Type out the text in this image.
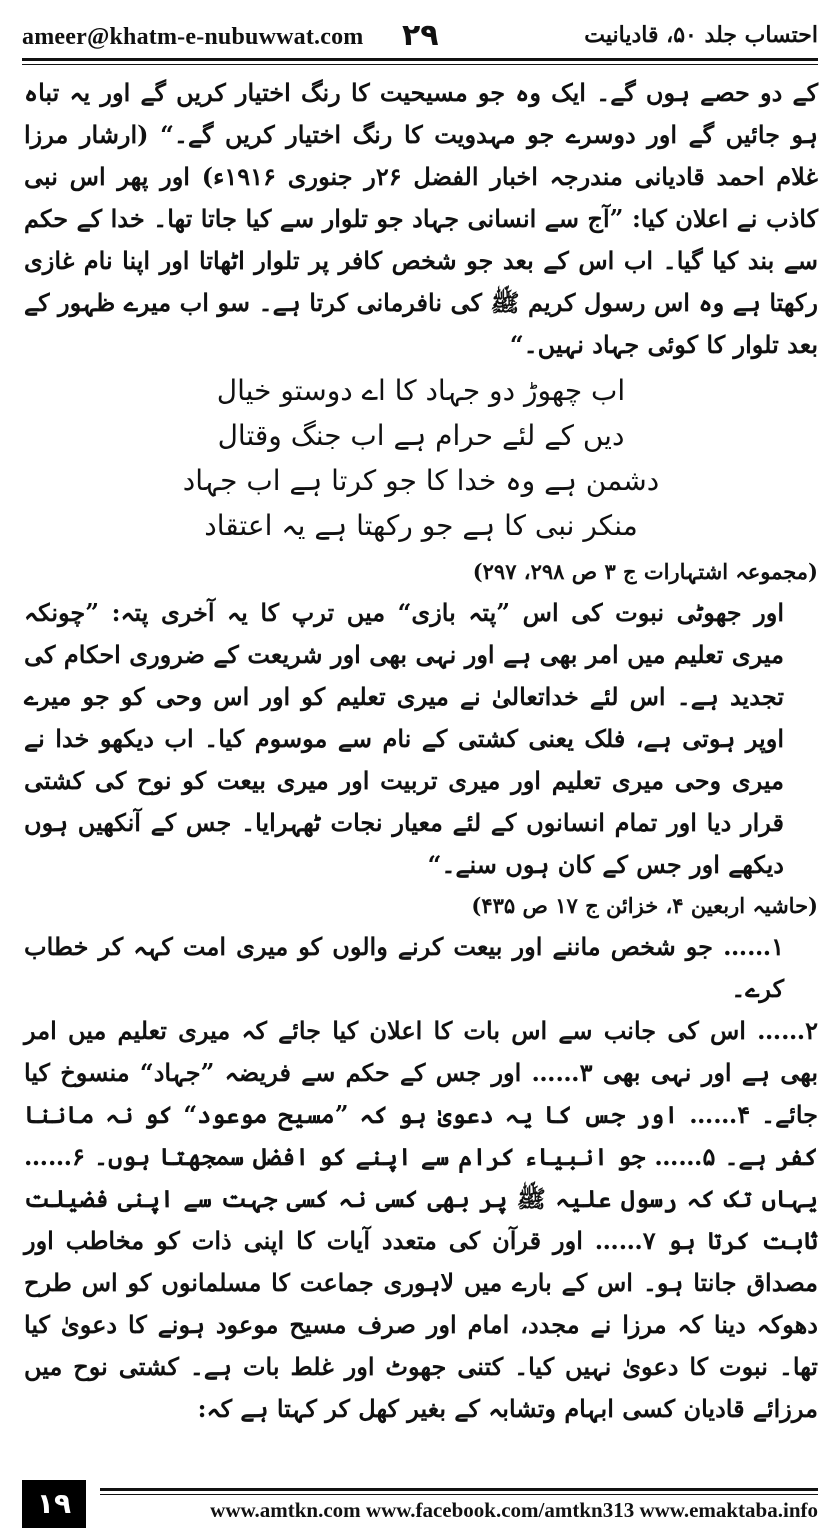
ameer@khatm-e-nubuwwat.com ۲۹	احتساب جلد ۵۰، قادیانیت

کے دو حصے ہوں گے۔ ایک وہ جو مسیحیت کا رنگ اختیار کریں گے اور یہ تباہ ہو جائیں گے اور دوسرے جو مہدویت کا رنگ اختیار کریں گے۔“ (ارشار مرزا غلام احمد قادیانی مندرجہ اخبار الفضل ۲۶ر جنوری ۱۹۱۶ء) اور پھر اس نبی کاذب نے اعلان کیا: ”آج سے انسانی جہاد جو تلوار سے کیا جاتا تھا۔ خدا کے حکم سے بند کیا گیا۔ اب اس کے بعد جو شخص کافر پر تلوار اٹھاتا اور اپنا نام غازی رکھتا ہے وہ اس رسول کریم ﷺ کی نافرمانی کرتا ہے۔ سو اب میرے ظہور کے بعد تلوار کا کوئی جہاد نہیں۔“

اب چھوڑ دو جہاد کا اے دوستو خیال
دیں کے لئے حرام ہے اب جنگ وقتال
دشمن ہے وہ خدا کا جو کرتا ہے اب جہاد
منکر نبی کا ہے جو رکھتا ہے یہ اعتقاد

(مجموعہ اشتہارات ج ۳ ص ۲۹۸، ۲۹۷)

اور جھوٹی نبوت کی اس ”پتہ بازی“ میں ترپ کا یہ آخری پتہ: ”چونکہ میری تعلیم میں امر بھی ہے اور نہی بھی اور شریعت کے ضروری احکام کی تجدید ہے۔ اس لئے خداتعالیٰ نے میری تعلیم کو اور اس وحی کو جو میرے اوپر ہوتی ہے، فلک یعنی کشتی کے نام سے موسوم کیا۔ اب دیکھو خدا نے میری وحی میری تعلیم اور میری تربیت اور میری بیعت کو نوح کی کشتی قرار دیا اور تمام انسانوں کے لئے معیار نجات ٹھہرایا۔ جس کے آنکھیں ہوں دیکھے اور جس کے کان ہوں سنے۔“

(حاشیہ اربعین ۴، خزائن ج ۱۷ ص ۴۳۵)

۱…… جو شخص ماننے اور بیعت کرنے والوں کو میری امت کہہ کر خطاب کرے۔

۲…… اس کی جانب سے اس بات کا اعلان کیا جائے کہ میری تعلیم میں امر بھی ہے اور نہی بھی ۳…… اور جس کے حکم سے فریضہ ”جہاد“ منسوخ کیا جائے۔ ۴…… اور جس کا یہ دعویٰ ہو کہ ”مسیح موعود“ کو نہ ماننا کفر ہے۔ ۵…… جو انبیاء کرام سے اپنے کو افضل سمجھتا ہوں۔ ۶…… یہاں تک کہ رسول علیہ ﷺ پر بھی کسی نہ کسی جہت سے اپنی فضیلت ثابت کرتا ہو ۷…… اور قرآن کی متعدد آیات کا اپنی ذات کو مخاطب اور مصداق جانتا ہو۔ اس کے بارے میں لاہوری جماعت کا مسلمانوں کو اس طرح دھوکہ دینا کہ مرزا نے مجدد، امام اور صرف مسیح موعود ہونے کا دعویٰ کیا تھا۔ نبوت کا دعویٰ نہیں کیا۔ کتنی جھوٹ اور غلط بات ہے۔ کشتی نوح میں مرزائے قادیان کسی ابہام وتشابہ کے بغیر کھل کر کہتا ہے کہ:

۱۹	www.amtkn.com www.facebook.com/amtkn313 www.emaktaba.info
